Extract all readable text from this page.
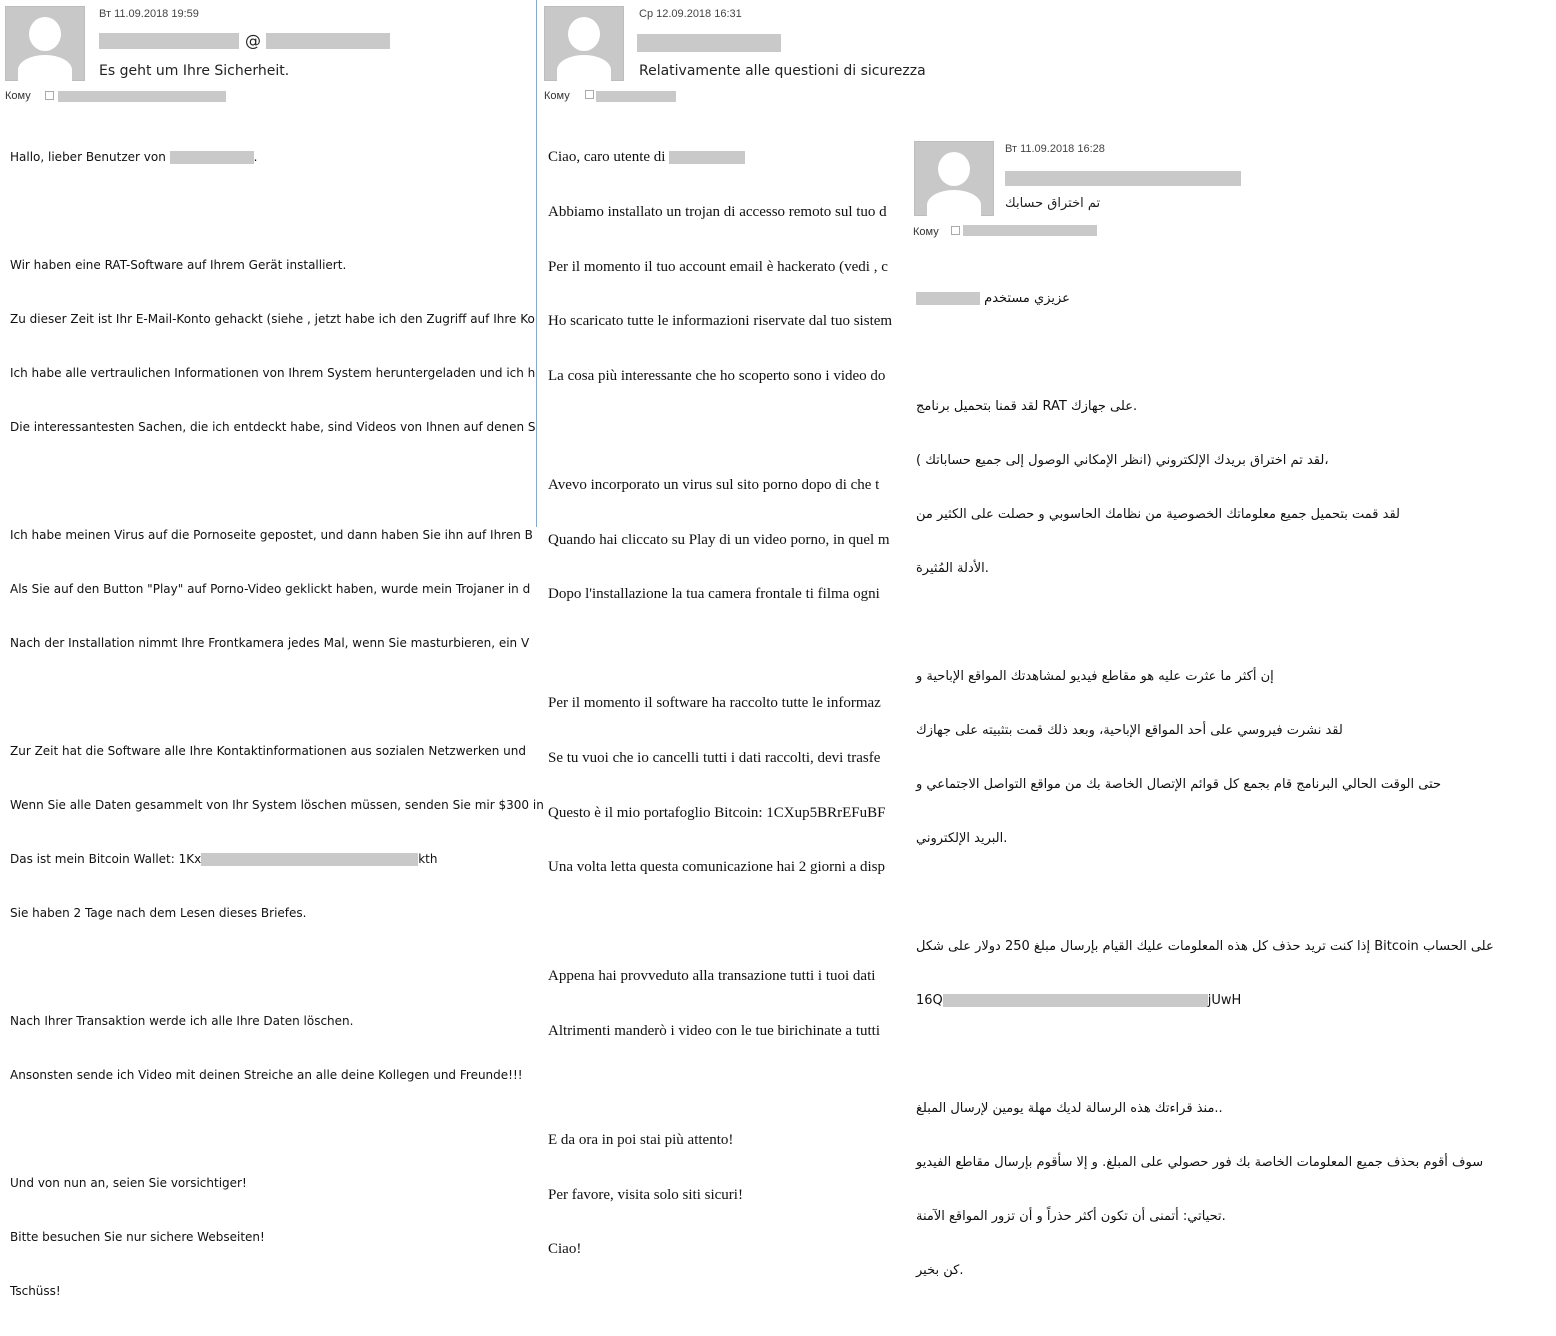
Вт 11.09.2018 19:59
@
Es geht um Ihre Sicherheit.
Кому

Hallo, lieber Benutzer von	.

Wir haben eine RAT-Software auf Ihrem Gerät installiert.

Zu dieser Zeit ist Ihr E-Mail-Konto gehackt (siehe , jetzt habe ich den Zugriff auf Ihre Ko

Ich habe alle vertraulichen Informationen von Ihrem System heruntergeladen und ich h

Die interessantesten Sachen, die ich entdeckt habe, sind Videos von Ihnen auf denen S

Ich habe meinen Virus auf die Pornoseite gepostet, und dann haben Sie ihn auf Ihren B

Als Sie auf den Button "Play" auf Porno-Video geklickt haben, wurde mein Trojaner in d

Nach der Installation nimmt Ihre Frontkamera jedes Mal, wenn Sie masturbieren, ein V

Zur Zeit hat die Software alle Ihre Kontaktinformationen aus sozialen Netzwerken und

Wenn Sie alle Daten gesammelt von Ihr System löschen müssen, senden Sie mir $300 in

Das ist mein Bitcoin Wallet: 1Kx	kth

Sie haben 2 Tage nach dem Lesen dieses Briefes.

Nach Ihrer Transaktion werde ich alle Ihre Daten löschen.

Ansonsten sende ich Video mit deinen Streiche an alle deine Kollegen und Freunde!!!

Und von nun an, seien Sie vorsichtiger!

Bitte besuchen Sie nur sichere Webseiten!

Tschüss!

Ср 12.09.2018 16:31
Relativamente alle questioni di sicurezza
Кому

Ciao, caro utente di

Abbiamo installato un trojan di accesso remoto sul tuo d

Per il momento il tuo account email è hackerato (vedi , c

Ho scaricato tutte le informazioni riservate dal tuo sistem

La cosa più interessante che ho scoperto sono i video do

Avevo incorporato un virus sul sito porno dopo di che t

Quando hai cliccato su Play di un video porno, in quel m

Dopo l'installazione la tua camera frontale ti filma ogni

Per il momento il software ha raccolto tutte le informaz

Se tu vuoi che io cancelli tutti i dati raccolti, devi trasfe

Questo è il mio portafoglio Bitcoin: 1CXup5BRrEFuBF

Una volta letta questa comunicazione hai 2 giorni a disp

Appena hai provveduto alla transazione tutti i tuoi dati

Altrimenti manderò i video con le tue birichinate a tutti

E da ora in poi stai più attento!

Per favore, visita solo siti sicuri!

Ciao!

Вт 11.09.2018 16:28
تم اختراق حسابك
Кому

عزيزي مستخدم

لقد قمنا بتحميل برنامج RAT على جهازك.

( لقد تم اختراق بريدك الإلكتروني (انظر الإمكاني الوصول إلى جميع حساباتك،

لقد قمت بتحميل جميع معلوماتك الخصوصية من نظامك الحاسوبي و حصلت على الكثير من

الأدلة المُثيرة.

إن أكثر ما عثرت عليه هو مقاطع فيديو لمشاهدتك المواقع الإباحية و

لقد نشرت فيروسي على أحد المواقع الإباحية، وبعد ذلك قمت بتثبيته على جهازك

حتى الوقت الحالي البرنامج قام بجمع كل قوائم الإتصال الخاصة بك من مواقع التواصل الاجتماعي و

البريد الإلكتروني.

إذا كنت تريد حذف كل هذه المعلومات عليك القيام بإرسال مبلغ 250 دولار على شكل Bitcoin على الحساب

16Q	jUwH

منذ قراءتك هذه الرسالة لديك مهلة يومين لإرسال المبلغ..

سوف أقوم بحذف جميع المعلومات الخاصة بك فور حصولي على المبلغ. و إلا سأقوم بإرسال مقاطع الفيديو

تحياتي: أتمنى أن تكون أكثر حذراً و أن تزور المواقع الآمنة.

كن بخير.
